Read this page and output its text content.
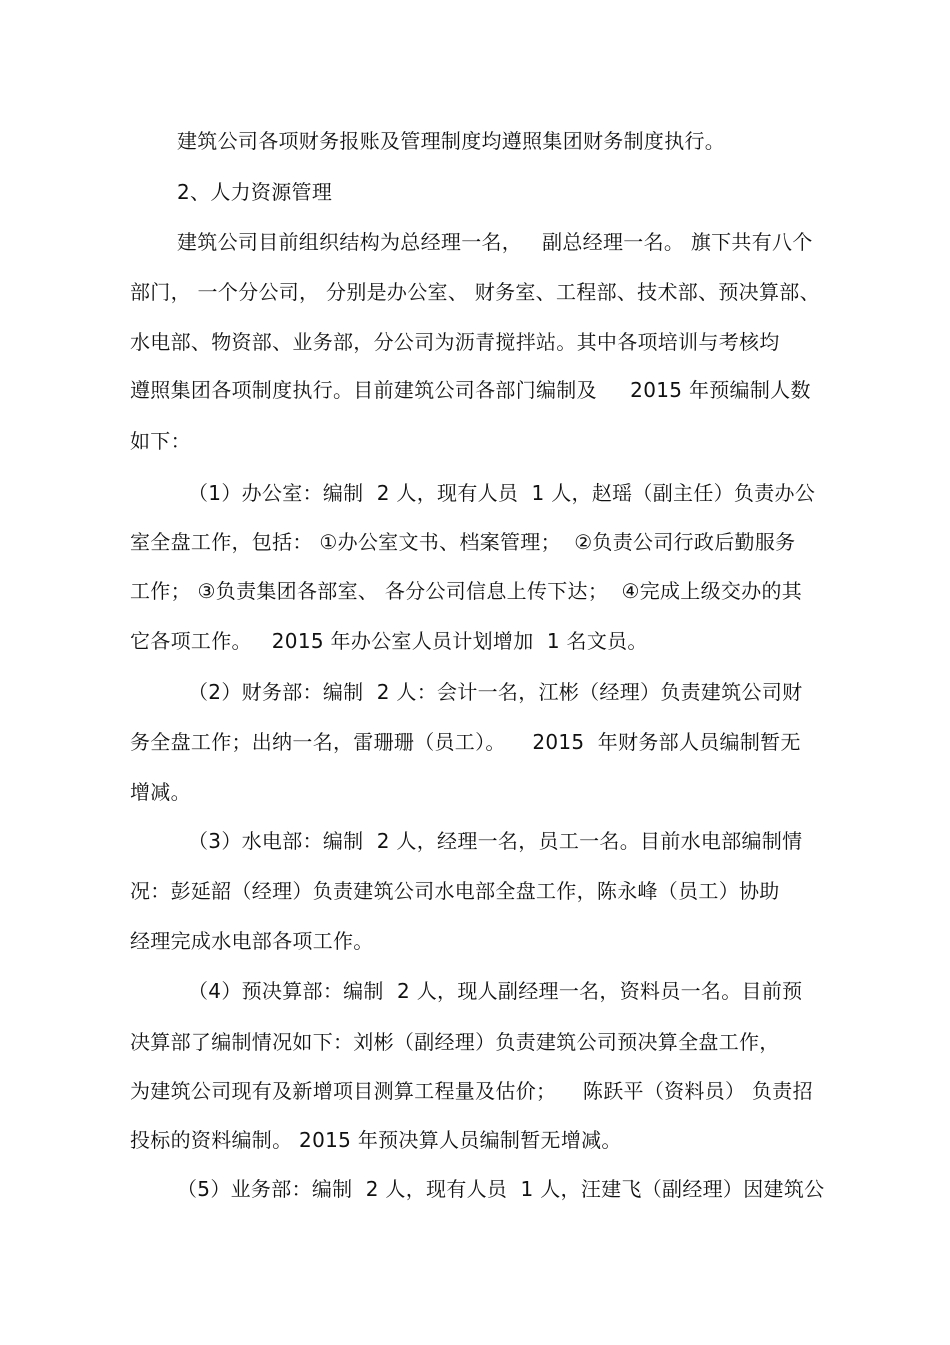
建筑公司各项财务报账及管理制度均遵照集团财务制度执行。
2、人力资源管理
建筑公司目前组织结构为总经理一名，   副总经理一名。 旗下共有八个
部门， 一个分公司， 分别是办公室、 财务室、工程部、技术部、预决算部、
水电部、物资部、业务部，分公司为沥青搅拌站。其中各项培训与考核均
遵照集团各项制度执行。目前建筑公司各部门编制及     2015 年预编制人数
如下：
（1）办公室：编制  2 人，现有人员  1 人，赵瑶（副主任）负责办公
室全盘工作，包括： ①办公室文书、档案管理；  ②负责公司行政后勤服务
工作； ③负责集团各部室、 各分公司信息上传下达；  ④完成上级交办的其
它各项工作。   2015 年办公室人员计划增加  1 名文员。
（2）财务部：编制  2 人：会计一名，江彬（经理）负责建筑公司财
务全盘工作；出纳一名，雷珊珊（员工）。    2015  年财务部人员编制暂无
增减。
（3）水电部：编制  2 人，经理一名，员工一名。目前水电部编制情
况：彭延韶（经理）负责建筑公司水电部全盘工作，陈永峰（员工）协助
经理完成水电部各项工作。
（4）预决算部：编制  2 人，现人副经理一名，资料员一名。目前预
决算部了编制情况如下：刘彬（副经理）负责建筑公司预决算全盘工作，
为建筑公司现有及新增项目测算工程量及估价；    陈跃平（资料员） 负责招
投标的资料编制。 2015 年预决算人员编制暂无增减。
（5）业务部：编制  2 人，现有人员  1 人，汪建飞（副经理）因建筑公
